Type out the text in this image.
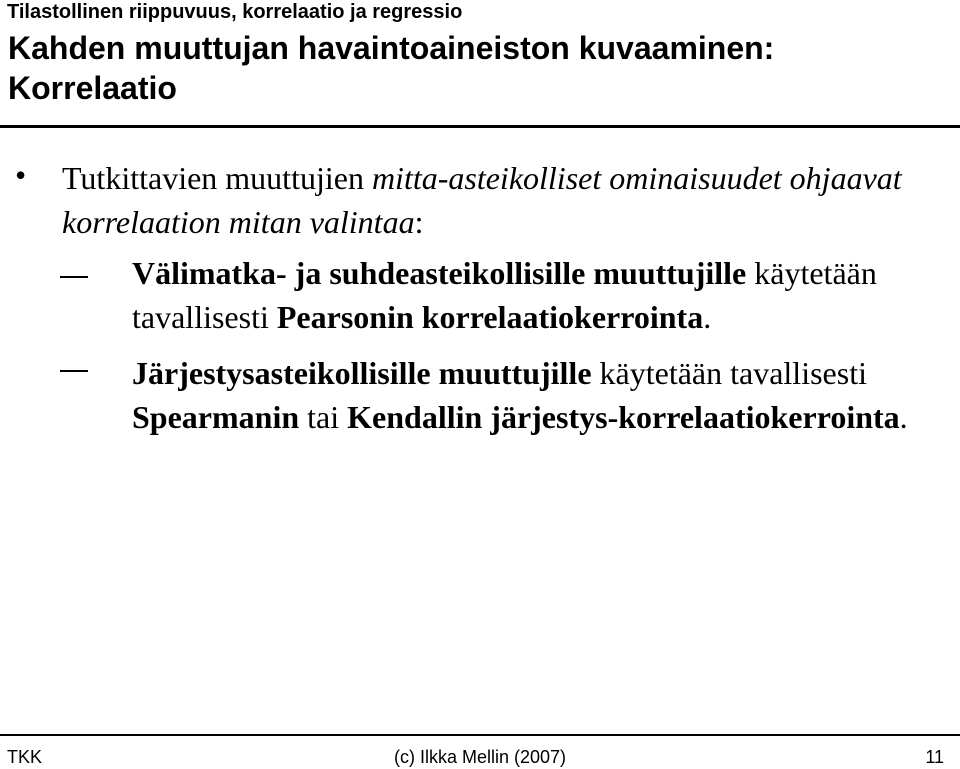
Tilastollinen riippuvuus, korrelaatio ja regressio
Kahden muuttujan havaintoaineiston kuvaaminen:
Korrelaatio
• Tutkittavien muuttujien mitta-asteikolliset ominaisuudet ohjaavat korrelaation mitan valintaa:
Välimatka- ja suhdeasteikollisille muuttujille käytetään tavallisesti Pearsonin korrelaatiokerrointa.
Järjestysasteikollisille muuttujille käytetään tavallisesti Spearmanin tai Kendallin järjestys-korrelaatiokerrointa.
TKK	(c) Ilkka Mellin (2007)	11
